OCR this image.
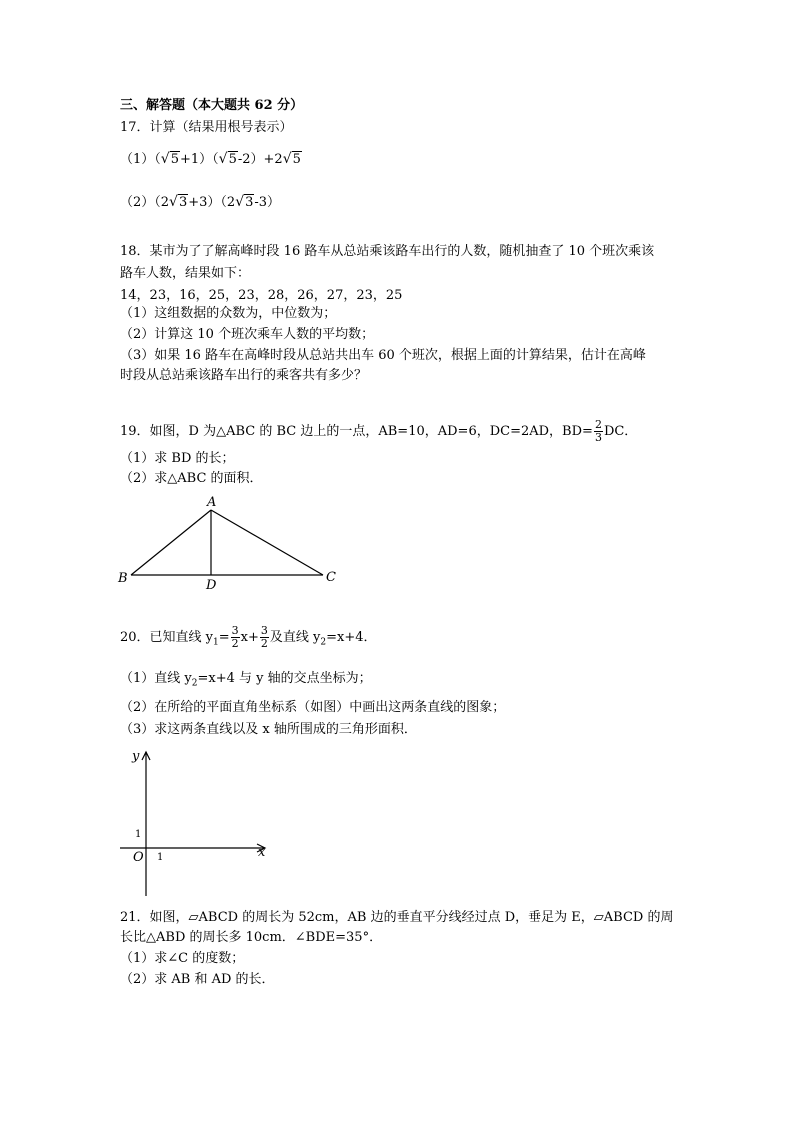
三、解答题（本大题共 62 分）
17．计算（结果用根号表示）
（1）（√5+1）（√5-2）+2√5
（2）（2√3+3）（2√3-3）
18．某市为了了解高峰时段 16 路车从总站乘该路车出行的人数，随机抽查了 10 个班次乘该
路车人数，结果如下：
14，23，16，25，23，28，26，27，23，25
（1）这组数据的众数为，中位数为；
（2）计算这 10 个班次乘车人数的平均数；
（3）如果 16 路车在高峰时段从总站共出车 60 个班次，根据上面的计算结果，估计在高峰
时段从总站乘该路车出行的乘客共有多少？
19．如图，D 为△ABC 的 BC 边上的一点，AB=10，AD=6，DC=2AD，$BD= \frac{2}{3}$ DC．
（1）求 BD 的长；
（2）求△ABC 的面积．
A
B	C
D
20．已知直线 $y_1= \frac{3}{2} x+ \frac{3}{2}$ 及直线 $y_2=x+4$．
（1）直线 $y_2=x+4$ 与 y 轴的交点坐标为；
（2）在所给的平面直角坐标系（如图）中画出这两条直线的图象；
（3）求这两条直线以及 x 轴所围成的三角形面积．
y
x
O
1
1
21．如图，▱ABCD 的周长为 52cm，AB 边的垂直平分线经过点 D，垂足为 E，▱ABCD 的周
长比△ABD 的周长多 10cm．∠BDE=35°．
（1）求∠C 的度数；
（2）求 AB 和 AD 的长．
